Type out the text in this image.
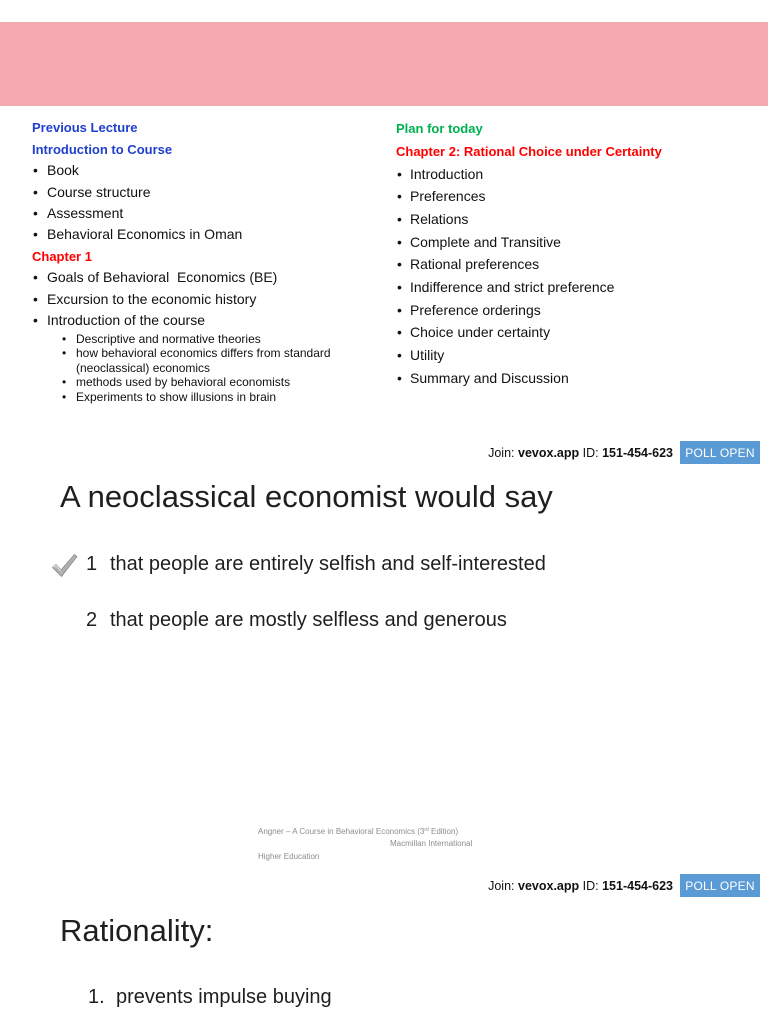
Previous Lecture
Introduction to Course
• Book
• Course structure
• Assessment
• Behavioral Economics in Oman
Chapter 1
• Goals of Behavioral  Economics (BE)
• Excursion to the economic history
• Introduction of the course
• Descriptive and normative theories
• how behavioral economics differs from standard (neoclassical) economics
• methods used by behavioral economists
• Experiments to show illusions in brain
Plan for today
Chapter 2: Rational Choice under Certainty
• Introduction
• Preferences
• Relations
• Complete and Transitive
• Rational preferences
• Indifference and strict preference
• Preference orderings
• Choice under certainty
• Utility
• Summary and Discussion
Join: vevox.app ID: 151-454-623	POLL OPEN
A neoclassical economist would say
1 that people are entirely selfish and self-interested
2 that people are mostly selfless and generous
Angner – A Course in Behavioral Economics (3rd Edition)
Macmillan International
Higher Education
Join: vevox.app ID: 151-454-623	POLL OPEN
Rationality:
1. prevents impulse buying
